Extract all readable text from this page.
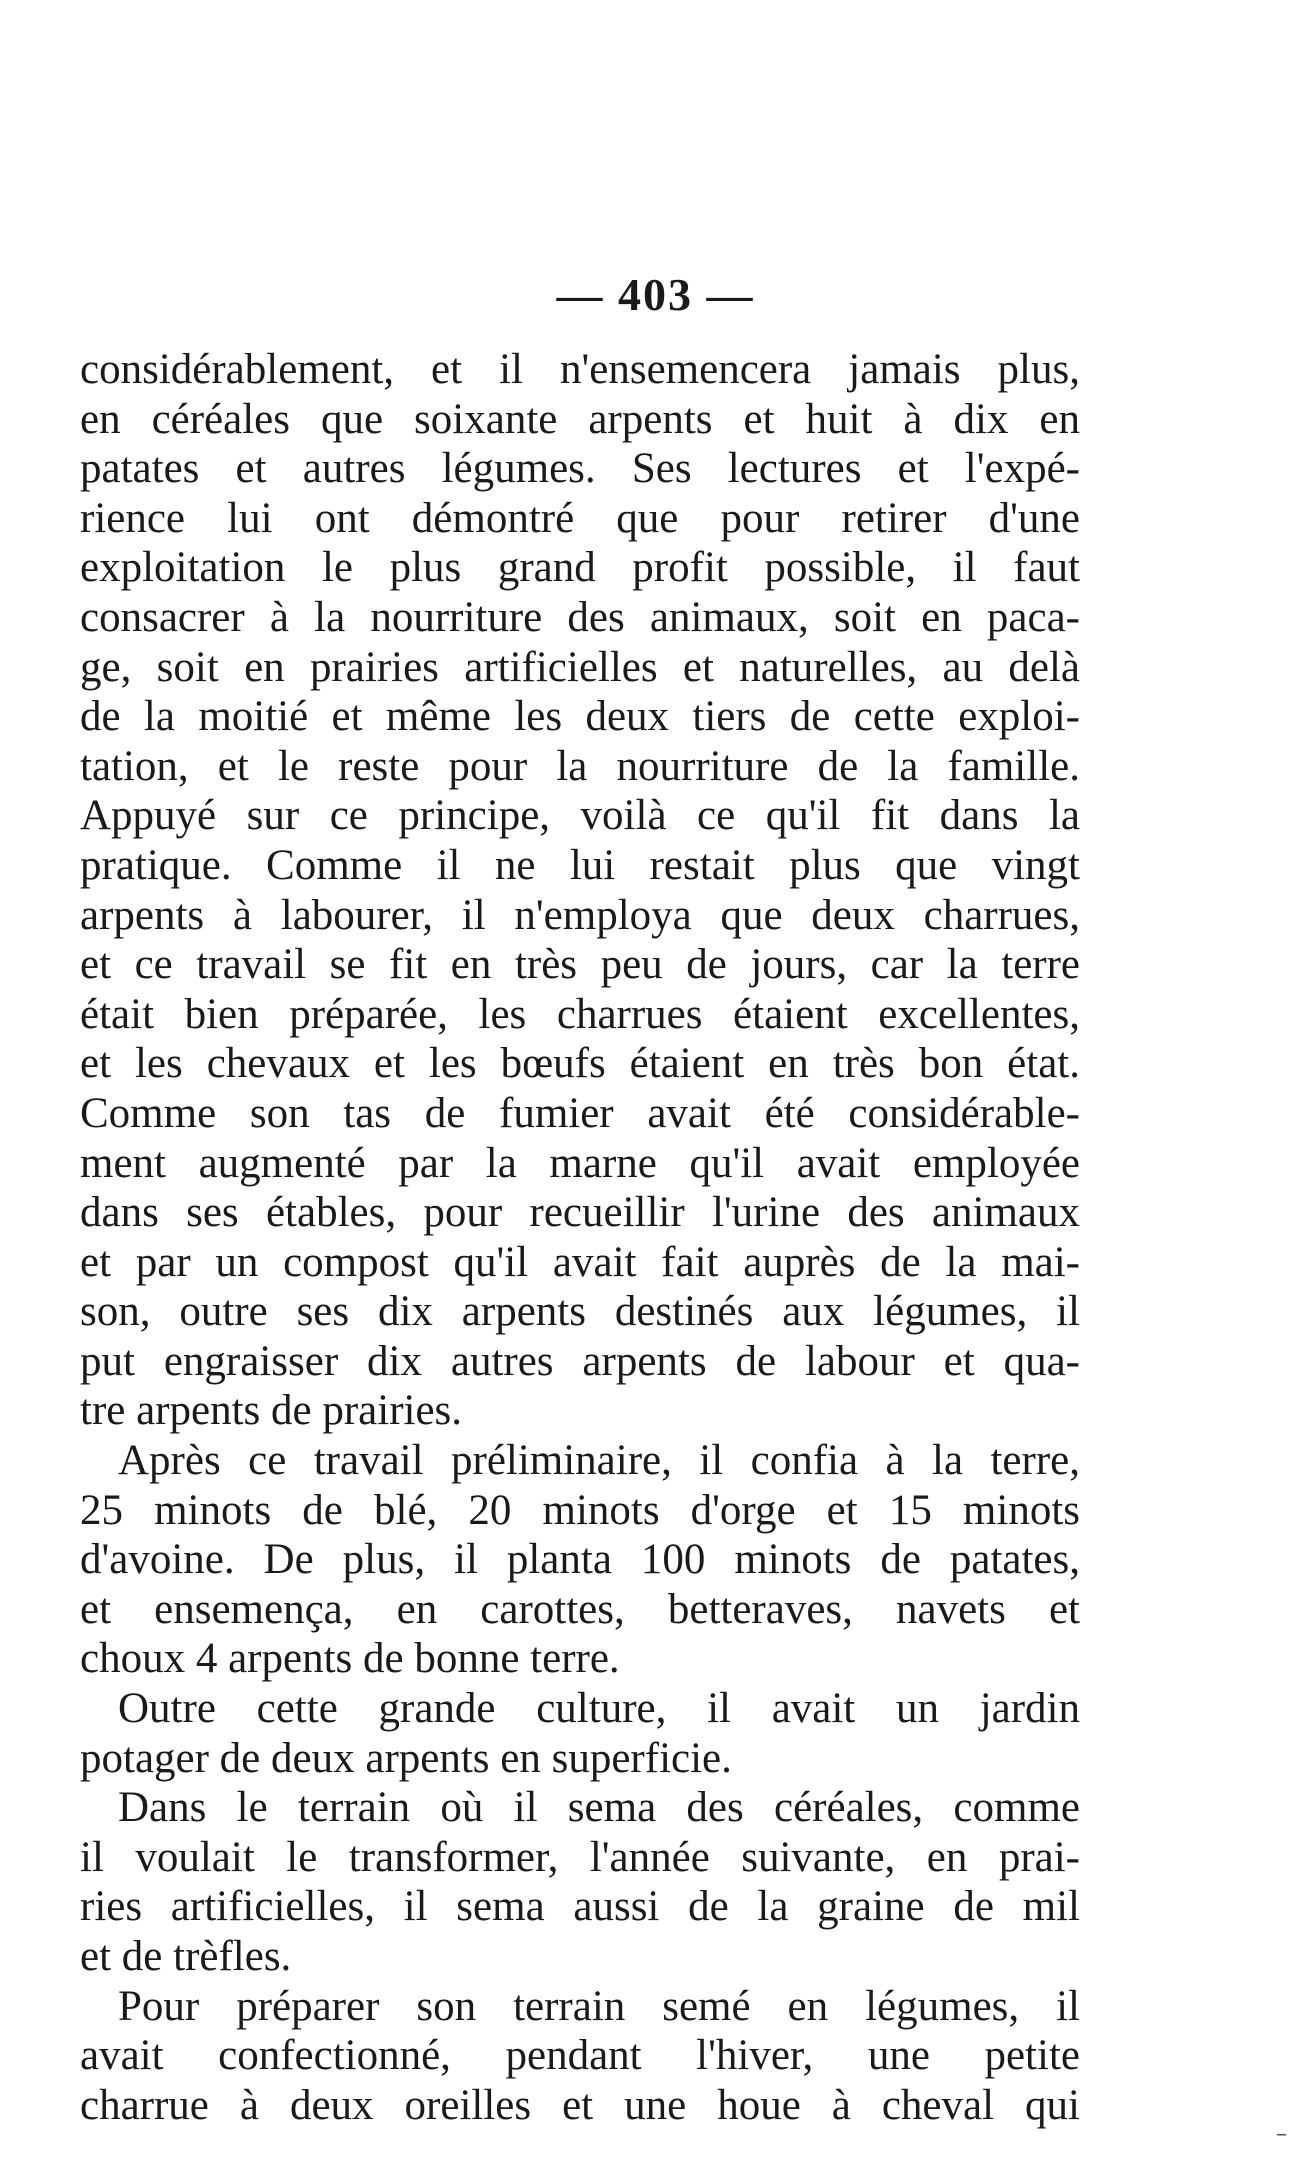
— 403 —
considérablement, et il n'ensemencera jamais plus,
en céréales que soixante arpents et huit à dix en
patates et autres légumes. Ses lectures et l'expé-
rience lui ont démontré que pour retirer d'une
exploitation le plus grand profit possible, il faut
consacrer à la nourriture des animaux, soit en paca-
ge, soit en prairies artificielles et naturelles, au delà
de la moitié et même les deux tiers de cette exploi-
tation, et le reste pour la nourriture de la famille.
Appuyé sur ce principe, voilà ce qu'il fit dans la
pratique. Comme il ne lui restait plus que vingt
arpents à labourer, il n'employa que deux charrues,
et ce travail se fit en très peu de jours, car la terre
était bien préparée, les charrues étaient excellentes,
et les chevaux et les bœufs étaient en très bon état.
Comme son tas de fumier avait été considérable-
ment augmenté par la marne qu'il avait employée
dans ses étables, pour recueillir l'urine des animaux
et par un compost qu'il avait fait auprès de la mai-
son, outre ses dix arpents destinés aux légumes, il
put engraisser dix autres arpents de labour et qua-
tre arpents de prairies.
Après ce travail préliminaire, il confia à la terre,
25 minots de blé, 20 minots d'orge et 15 minots
d'avoine. De plus, il planta 100 minots de patates,
et ensemença, en carottes, betteraves, navets et
choux 4 arpents de bonne terre.
Outre cette grande culture, il avait un jardin
potager de deux arpents en superficie.
Dans le terrain où il sema des céréales, comme
il voulait le transformer, l'année suivante, en prai-
ries artificielles, il sema aussi de la graine de mil
et de trèfles.
Pour préparer son terrain semé en légumes, il
avait confectionné, pendant l'hiver, une petite
charrue à deux oreilles et une houe à cheval qui
–
